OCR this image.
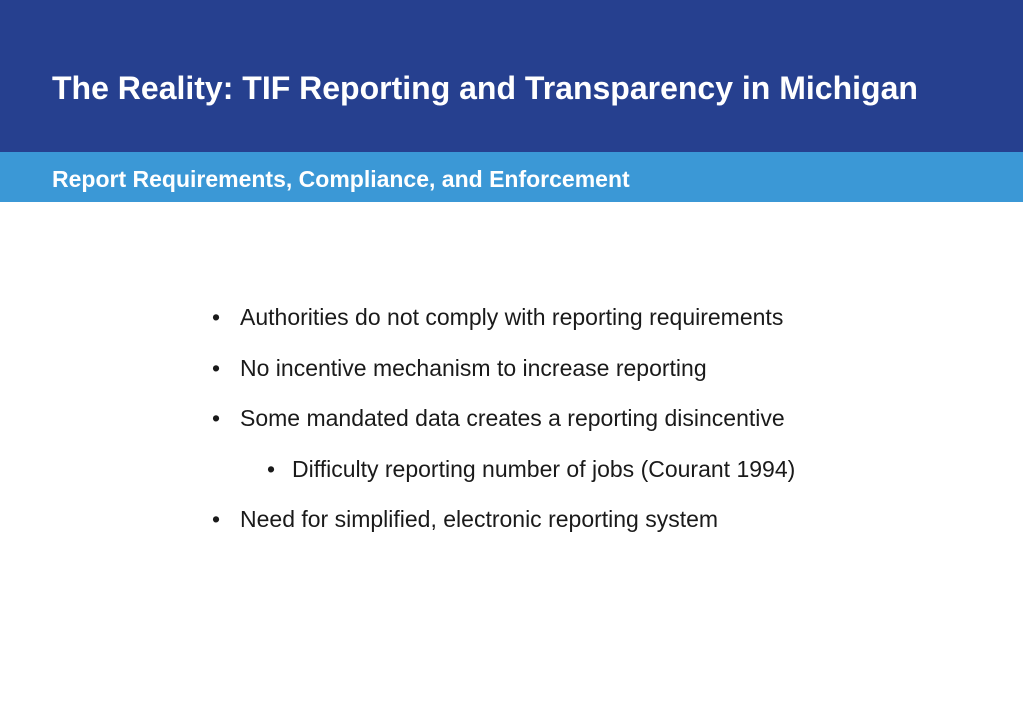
The Reality: TIF Reporting and Transparency in Michigan
Report Requirements, Compliance, and Enforcement
• Authorities do not comply with reporting requirements
• No incentive mechanism to increase reporting
• Some mandated data creates a reporting disincentive
• Difficulty reporting number of jobs (Courant 1994)
• Need for simplified, electronic reporting system
